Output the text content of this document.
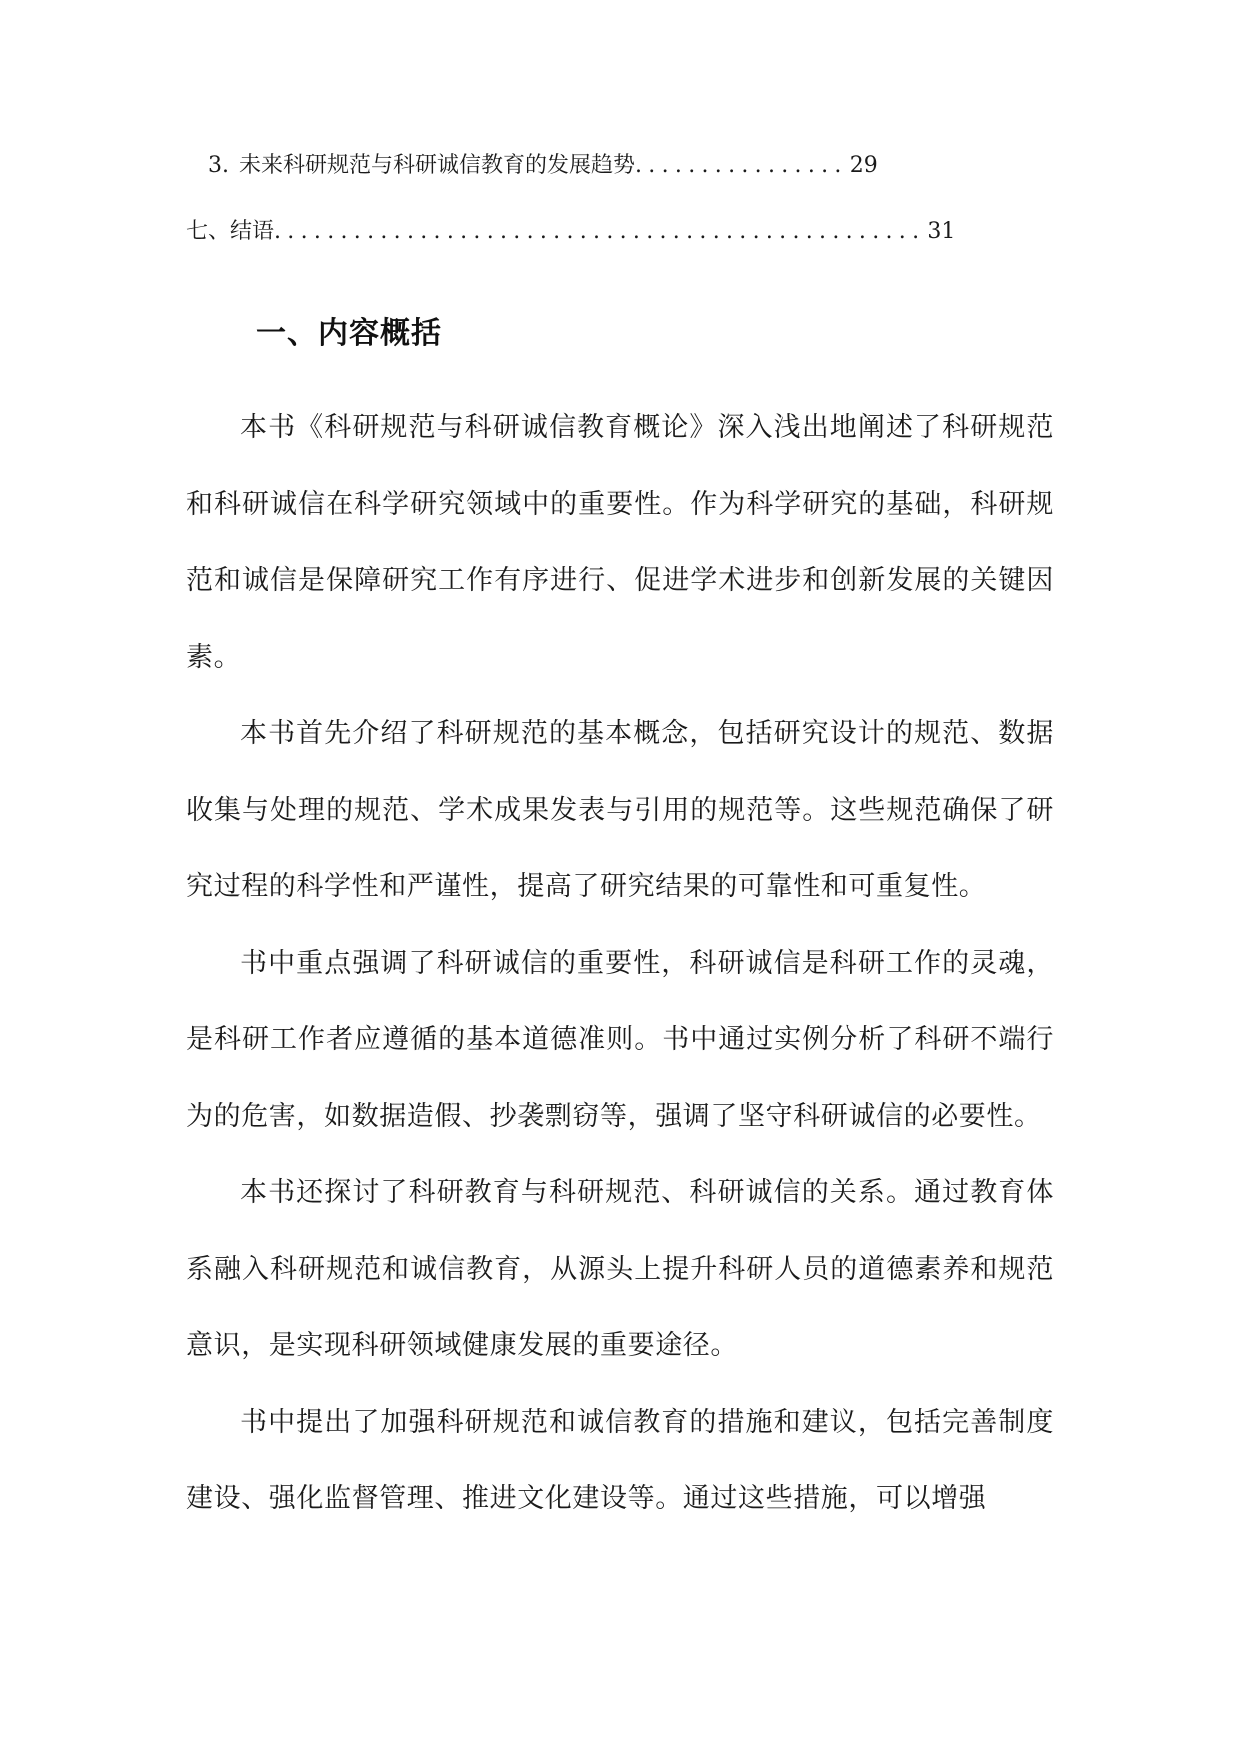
3. 未来科研规范与科研诚信教育的发展趋势 ................ 29
七、结语 ................................................. 31
一、内容概括

本书《科研规范与科研诚信教育概论》深入浅出地阐述了科研规范和科研诚信在科学研究领域中的重要性。作为科学研究的基础，科研规范和诚信是保障研究工作有序进行、促进学术进步和创新发展的关键因素。

本书首先介绍了科研规范的基本概念，包括研究设计的规范、数据收集与处理的规范、学术成果发表与引用的规范等。这些规范确保了研究过程的科学性和严谨性，提高了研究结果的可靠性和可重复性。

书中重点强调了科研诚信的重要性，科研诚信是科研工作的灵魂，是科研工作者应遵循的基本道德准则。书中通过实例分析了科研不端行为的危害，如数据造假、抄袭剽窃等，强调了坚守科研诚信的必要性。

本书还探讨了科研教育与科研规范、科研诚信的关系。通过教育体系融入科研规范和诚信教育，从源头上提升科研人员的道德素养和规范意识，是实现科研领域健康发展的重要途径。

书中提出了加强科研规范和诚信教育的措施和建议，包括完善制度建设、强化监督管理、推进文化建设等。通过这些措施，可以增强
